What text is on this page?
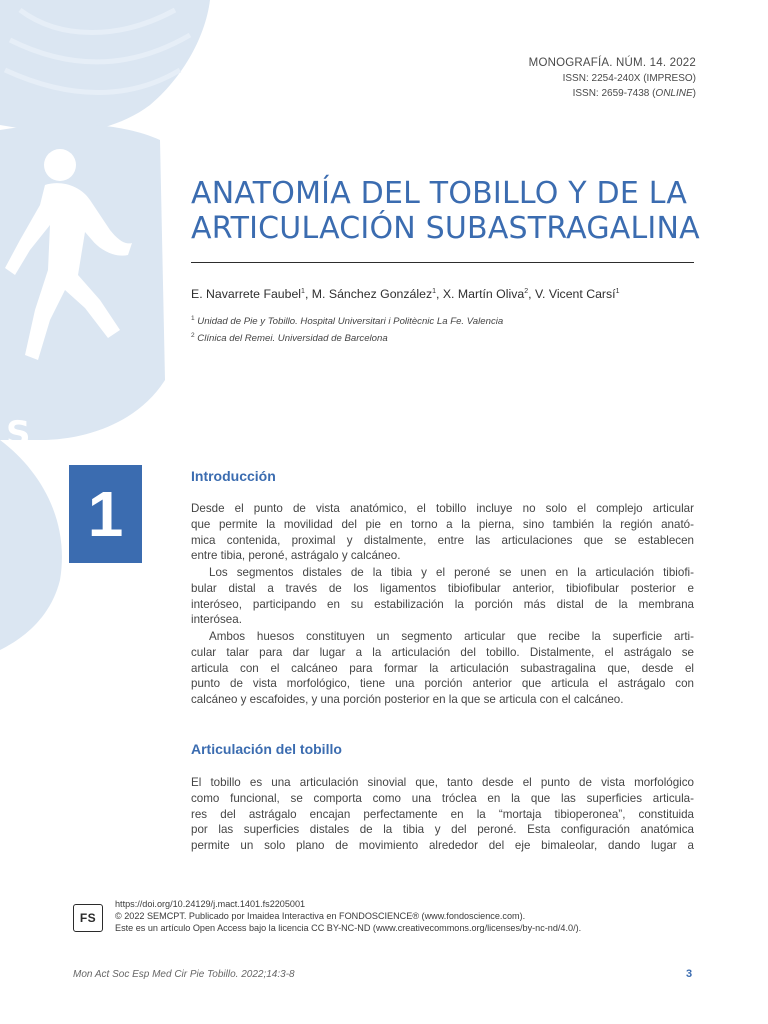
S
MONOGRAFÍA. NÚM. 14. 2022
ISSN: 2254-240X (IMPRESO)
ISSN: 2659-7438 (ONLINE)
ANATOMÍA DEL TOBILLO Y DE LA
ARTICULACIÓN SUBASTRAGALINA
E. Navarrete Faubel$^1$, M. Sánchez González$^1$, X. Martín Oliva$^2$, V. Vicent Carsí$^1$
$^1$ Unidad de Pie y Tobillo. Hospital Universitari i Politècnic La Fe. Valencia
$^2$ Clínica del Remei. Universidad de Barcelona
1
Introducción
Desde el punto de vista anatómico, el tobillo incluye no solo el complejo articular
que permite la movilidad del pie en torno a la pierna, sino también la región anató-
mica contenida, proximal y distalmente, entre las articulaciones que se establecen
entre tibia, peroné, astrágalo y calcáneo.
Los segmentos distales de la tibia y el peroné se unen en la articulación tibiofi-
bular distal a través de los ligamentos tibiofibular anterior, tibiofibular posterior e
interóseo, participando en su estabilización la porción más distal de la membrana
interósea.
Ambos huesos constituyen un segmento articular que recibe la superficie arti-
cular talar para dar lugar a la articulación del tobillo. Distalmente, el astrágalo se
articula con el calcáneo para formar la articulación subastragalina que, desde el
punto de vista morfológico, tiene una porción anterior que articula el astrágalo con
calcáneo y escafoides, y una porción posterior en la que se articula con el calcáneo.
Articulación del tobillo
El tobillo es una articulación sinovial que, tanto desde el punto de vista morfológico
como funcional, se comporta como una tróclea en la que las superficies articula-
res del astrágalo encajan perfectamente en la “mortaja tibioperonea”, constituida
por las superficies distales de la tibia y del peroné. Esta configuración anatómica
permite un solo plano de movimiento alrededor del eje bimaleolar, dando lugar a
FS
https://doi.org/10.24129/j.mact.1401.fs2205001
© 2022 SEMCPT. Publicado por Imaidea Interactiva en FONDOSCIENCE® (www.fondoscience.com).
Este es un artículo Open Access bajo la licencia CC BY-NC-ND (www.creativecommons.org/licenses/by-nc-nd/4.0/).
Mon Act Soc Esp Med Cir Pie Tobillo. 2022;14:3-8	3
